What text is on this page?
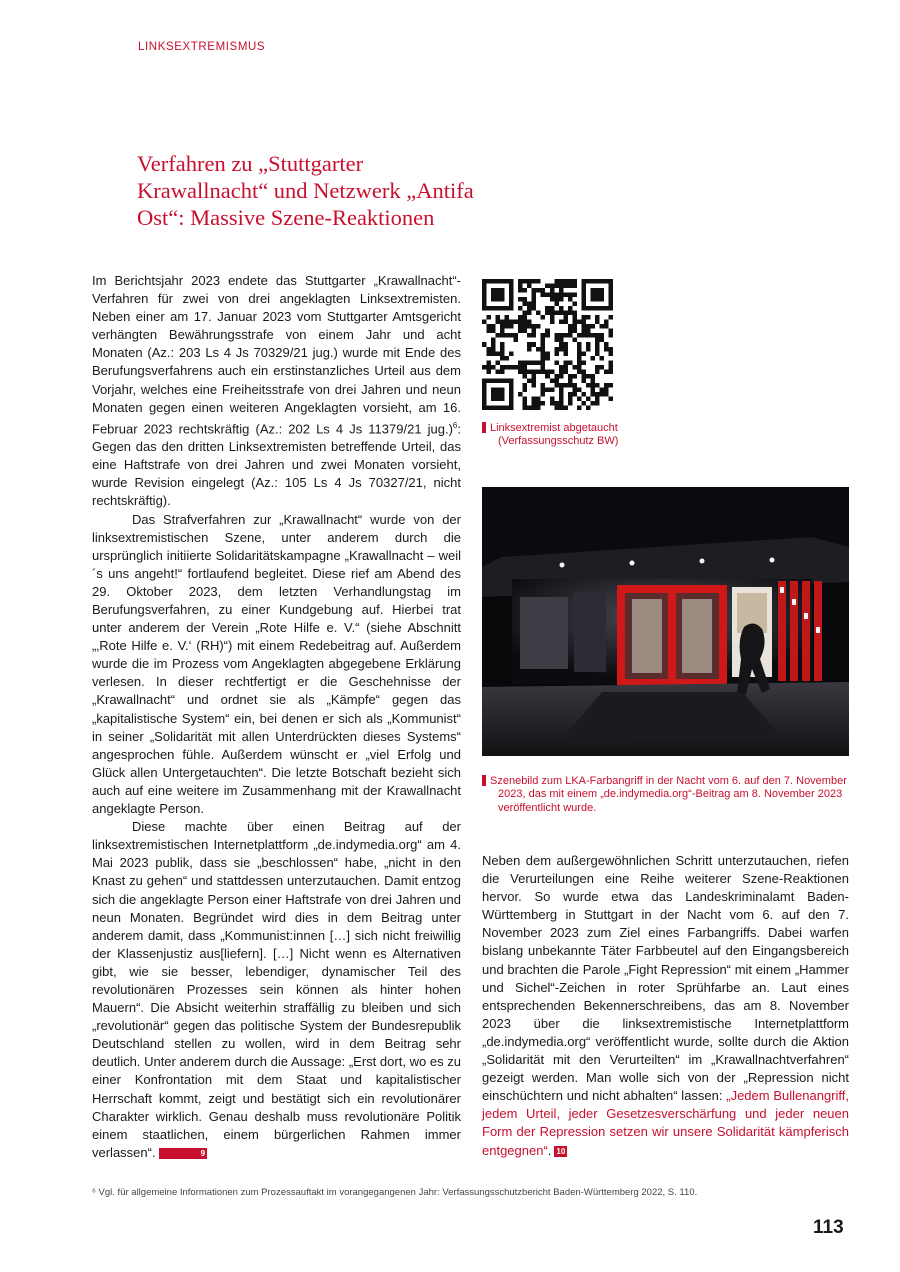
LINKSEXTREMISMUS
Verfahren zu „Stuttgarter Krawallnacht“ und Netzwerk „Antifa Ost“: Massive Szene-Reaktionen

Im Berichtsjahr 2023 endete das Stuttgarter „Krawallnacht“-Verfahren für zwei von drei angeklagten Linksextremisten. Neben einer am 17. Januar 2023 vom Stuttgarter Amtsgericht verhängten Bewährungsstrafe von einem Jahr und acht Monaten (Az.: 203 Ls 4 Js 70329/21 jug.) wurde mit Ende des Berufungsverfahrens auch ein erstinstanzliches Urteil aus dem Vorjahr, welches eine Freiheitsstrafe von drei Jahren und neun Monaten gegen einen weiteren Angeklagten vorsieht, am 16. Februar 2023 rechtskräftig (Az.: 202 Ls 4 Js 11379/21 jug.)$^6$: Gegen das den dritten Linksextremisten betreffende Urteil, das eine Haftstrafe von drei Jahren und zwei Monaten vorsieht, wurde Revision eingelegt (Az.: 105 Ls 4 Js 70327/21, nicht rechtskräftig).

Das Strafverfahren zur „Krawallnacht“ wurde von der linksextremistischen Szene, unter anderem durch die ursprünglich initiierte Solidaritätskampagne „Krawallnacht – weil´s uns angeht!“ fortlaufend begleitet. Diese rief am Abend des 29. Oktober 2023, dem letzten Verhandlungstag im Berufungsverfahren, zu einer Kundgebung auf. Hierbei trat unter anderem der Verein „Rote Hilfe e. V.“ (siehe Abschnitt „‚Rote Hilfe e. V.‘ (RH)“) mit einem Redebeitrag auf. Außerdem wurde die im Prozess vom Angeklagten abgegebene Erklärung verlesen. In dieser rechtfertigt er die Geschehnisse der „Krawallnacht“ und ordnet sie als „Kämpfe“ gegen das „kapitalistische System“ ein, bei denen er sich als „Kommunist“ in seiner „Solidarität mit allen Unterdrückten dieses Systems“ angesprochen fühle. Außerdem wünscht er „viel Erfolg und Glück allen Untergetauchten“. Die letzte Botschaft bezieht sich auch auf eine weitere im Zusammenhang mit der Krawallnacht angeklagte Person.

Diese machte über einen Beitrag auf der linksextremistischen Internetplattform „de.indymedia.org“ am 4. Mai 2023 publik, dass sie „beschlossen“ habe, „nicht in den Knast zu gehen“ und stattdessen unterzutauchen. Damit entzog sich die angeklagte Person einer Haftstrafe von drei Jahren und neun Monaten. Begründet wird dies in dem Beitrag unter anderem damit, dass „Kommunist:innen […] sich nicht freiwillig der Klassenjustiz aus[liefern]. […] Nicht wenn es Alternativen gibt, wie sie besser, lebendiger, dynamischer Teil des revolutionären Prozesses sein können als hinter hohen Mauern“. Die Absicht weiterhin straffällig zu bleiben und sich „revolutionär“ gegen das politische System der Bundesrepublik Deutschland stellen zu wollen, wird in dem Beitrag sehr deutlich. Unter anderem durch die Aussage: „Erst dort, wo es zu einer Konfrontation mit dem Staat und kapitalistischer Herrschaft kommt, zeigt und bestätigt sich ein revolutionärer Charakter wirklich. Genau deshalb muss revolutionäre Politik einem staatlichen, einem bürgerlichen Rahmen immer verlassen“.	9

9 Linksextremist abgetaucht (Verfassungsschutz BW)
10 Szenebild zum LKA-Farbangriff in der Nacht vom 6. auf den 7. November 2023, das mit einem „de.indymedia.org“-Beitrag am 8. November 2023 veröffentlicht wurde.

Neben dem außergewöhnlichen Schritt unterzutauchen, riefen die Verurteilungen eine Reihe weiterer Szene-Reaktionen hervor. So wurde etwa das Landeskriminalamt Baden-Württemberg in Stuttgart in der Nacht vom 6. auf den 7. November 2023 zum Ziel eines Farbangriffs. Dabei warfen bislang unbekannte Täter Farbbeutel auf den Eingangsbereich und brachten die Parole „Fight Repression“ mit einem „Hammer und Sichel“-Zeichen in roter Sprühfarbe an. Laut eines entsprechenden Bekennerschreibens, das am 8. November 2023 über die linksextremistische Internetplattform „de.indymedia.org“ veröffentlicht wurde, sollte durch die Aktion „Solidarität mit den Verurteilten“ im „Krawallnachtverfahren“ gezeigt werden. Man wolle sich von der „Repression nicht einschüchtern und nicht abhalten“ lassen: „Jedem Bullenangriff, jedem Urteil, jeder Gesetzesverschärfung und jeder neuen Form der Repression setzen wir unsere Solidarität kämpferisch entgegnen“. 10

⁶ Vgl. für allgemeine Informationen zum Prozessauftakt im vorangegangenen Jahr: Verfassungsschutzbericht Baden-Württemberg 2022, S. 110.
113
